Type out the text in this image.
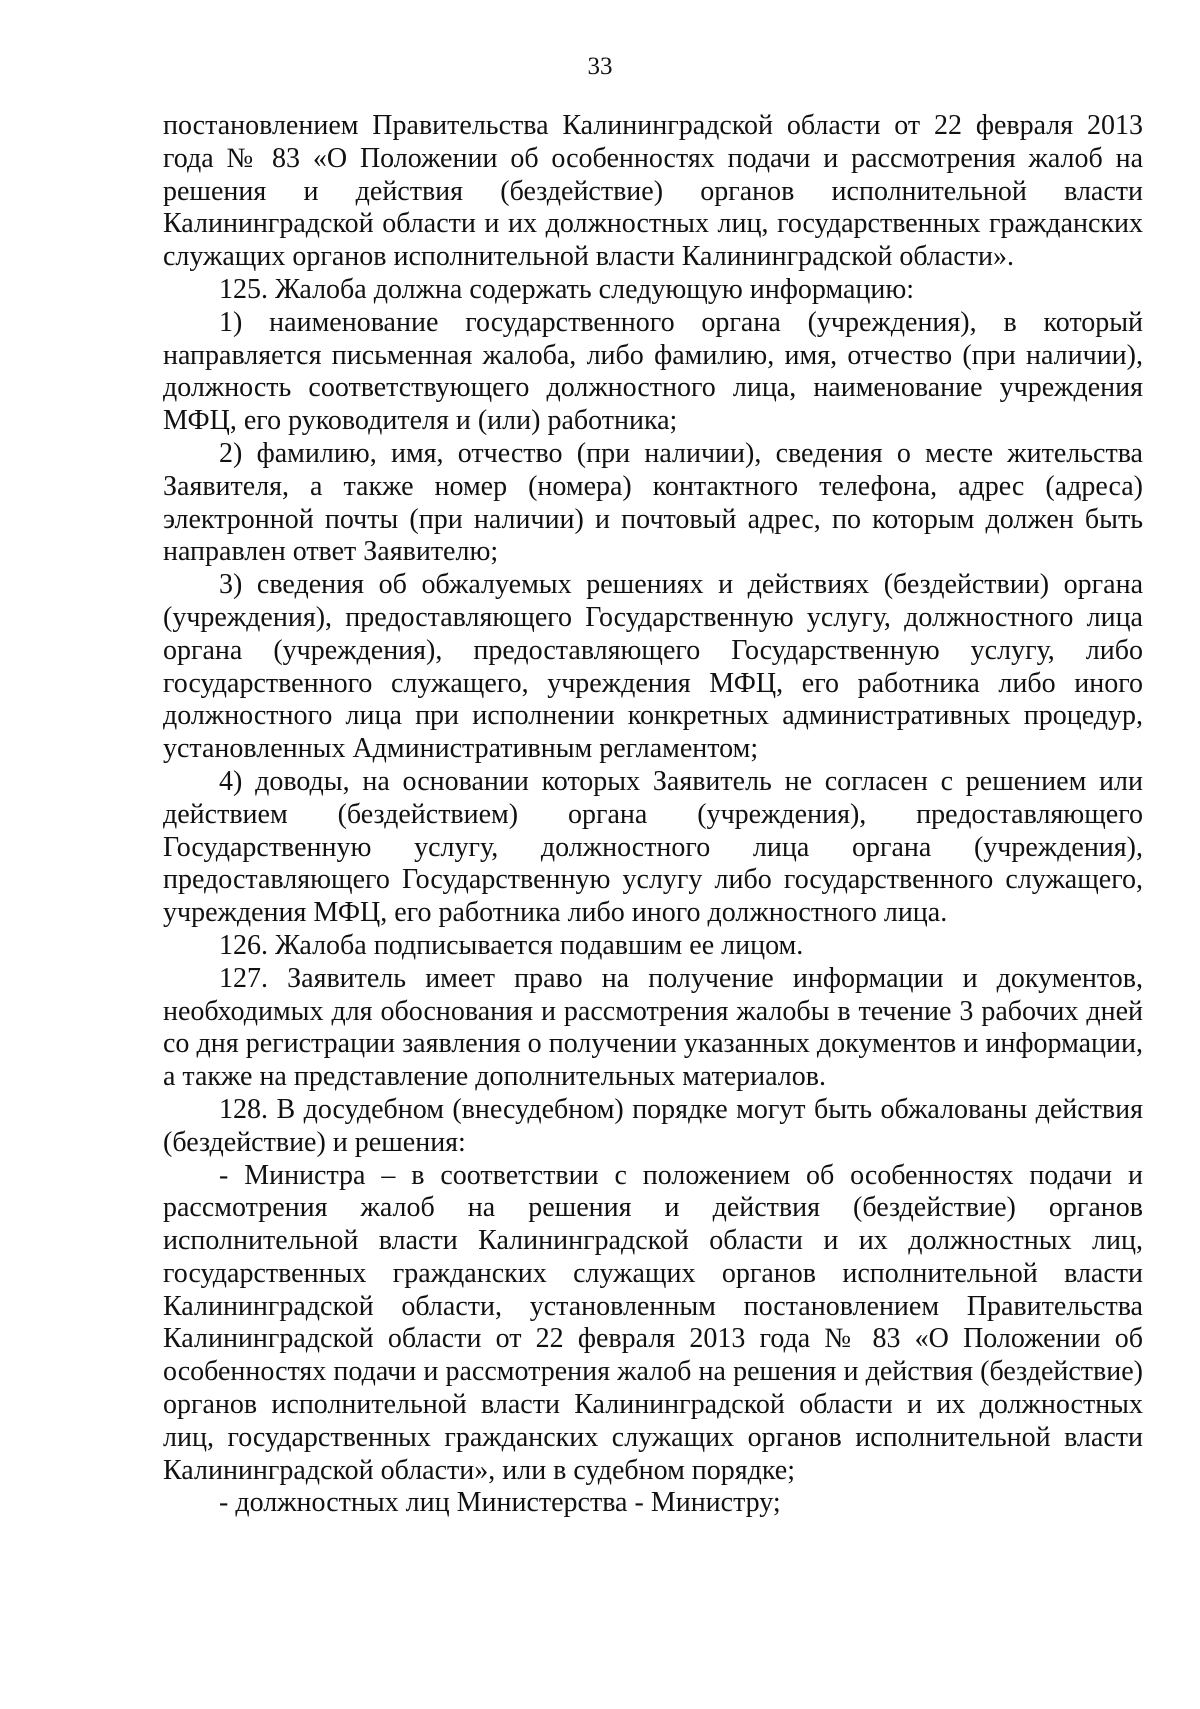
33

постановлением Правительства Калининградской области от 22 февраля 2013 года № 83 «О Положении об особенностях подачи и рассмотрения жалоб на решения и действия (бездействие) органов исполнительной власти Калининградской области и их должностных лиц, государственных гражданских служащих органов исполнительной власти Калининградской области».

125. Жалоба должна содержать следующую информацию:

1) наименование государственного органа (учреждения), в который направляется письменная жалоба, либо фамилию, имя, отчество (при наличии), должность соответствующего должностного лица, наименование учреждения МФЦ, его руководителя и (или) работника;

2) фамилию, имя, отчество (при наличии), сведения о месте жительства Заявителя, а также номер (номера) контактного телефона, адрес (адреса) электронной почты (при наличии) и почтовый адрес, по которым должен быть направлен ответ Заявителю;

3) сведения об обжалуемых решениях и действиях (бездействии) органа (учреждения), предоставляющего Государственную услугу, должностного лица органа (учреждения), предоставляющего Государственную услугу, либо государственного служащего, учреждения МФЦ, его работника либо иного должностного лица при исполнении конкретных административных процедур, установленных Административным регламентом;

4) доводы, на основании которых Заявитель не согласен с решением или действием (бездействием) органа (учреждения), предоставляющего Государственную услугу, должностного лица органа (учреждения), предоставляющего Государственную услугу либо государственного служащего, учреждения МФЦ, его работника либо иного должностного лица.

126. Жалоба подписывается подавшим ее лицом.

127. Заявитель имеет право на получение информации и документов, необходимых для обоснования и рассмотрения жалобы в течение 3 рабочих дней со дня регистрации заявления о получении указанных документов и информации, а также на представление дополнительных материалов.

128. В досудебном (внесудебном) порядке могут быть обжалованы действия (бездействие) и решения:

- Министра – в соответствии с положением об особенностях подачи и рассмотрения жалоб на решения и действия (бездействие) органов исполнительной власти Калининградской области и их должностных лиц, государственных гражданских служащих органов исполнительной власти Калининградской области, установленным постановлением Правительства Калининградской области от 22 февраля 2013 года № 83 «О Положении об особенностях подачи и рассмотрения жалоб на решения и действия (бездействие) органов исполнительной власти Калининградской области и их должностных лиц, государственных гражданских служащих органов исполнительной власти Калининградской области», или в судебном порядке;

- должностных лиц Министерства - Министру;
